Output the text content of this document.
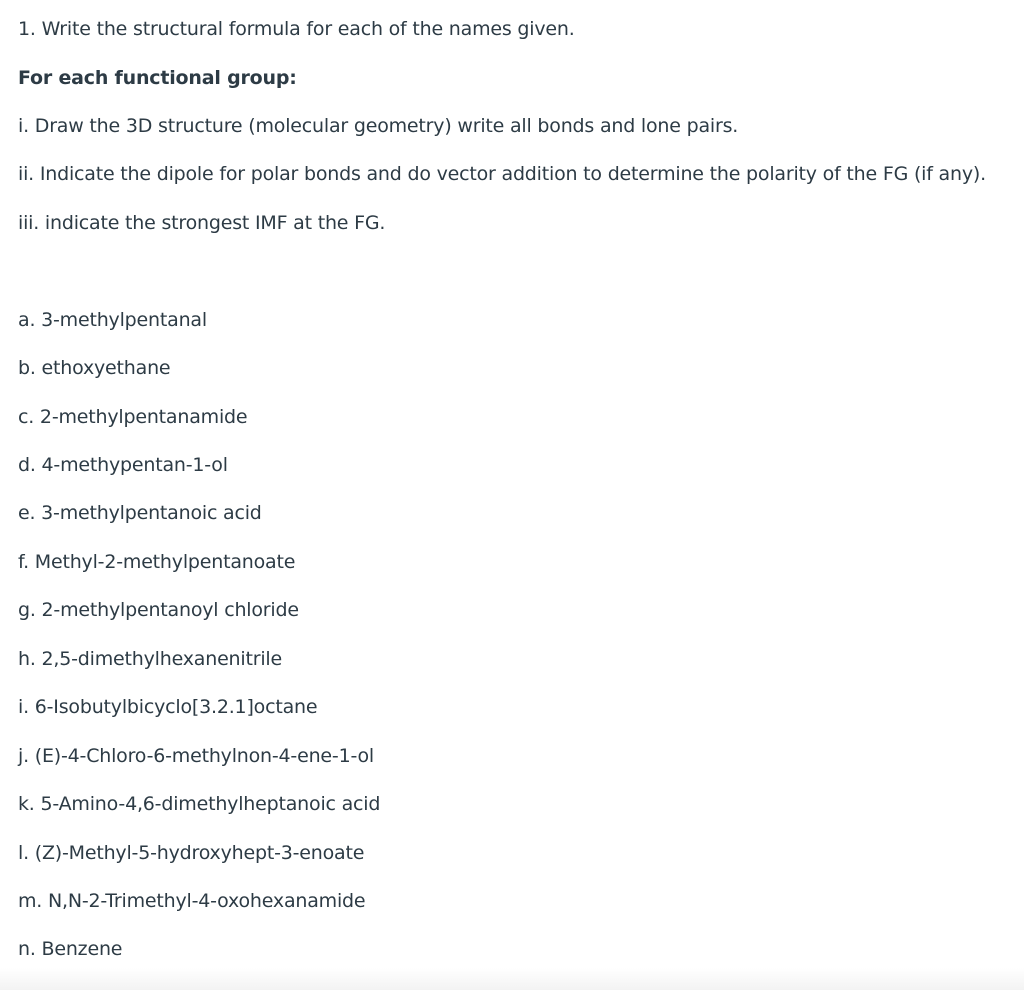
1. Write the structural formula for each of the names given.
For each functional group:
i. Draw the 3D structure (molecular geometry) write all bonds and lone pairs.
ii. Indicate the dipole for polar bonds and do vector addition to determine the polarity of the FG (if any).
iii. indicate the strongest IMF at the FG.
a. 3-methylpentanal
b. ethoxyethane
c. 2-methylpentanamide
d. 4-methypentan-1-ol
e. 3-methylpentanoic acid
f. Methyl-2-methylpentanoate
g. 2-methylpentanoyl chloride
h. 2,5-dimethylhexanenitrile
i. 6-Isobutylbicyclo[3.2.1]octane
j. (E)-4-Chloro-6-methylnon-4-ene-1-ol
k. 5-Amino-4,6-dimethylheptanoic acid
l. (Z)-Methyl-5-hydroxyhept-3-enoate
m. N,N-2-Trimethyl-4-oxohexanamide
n. Benzene
